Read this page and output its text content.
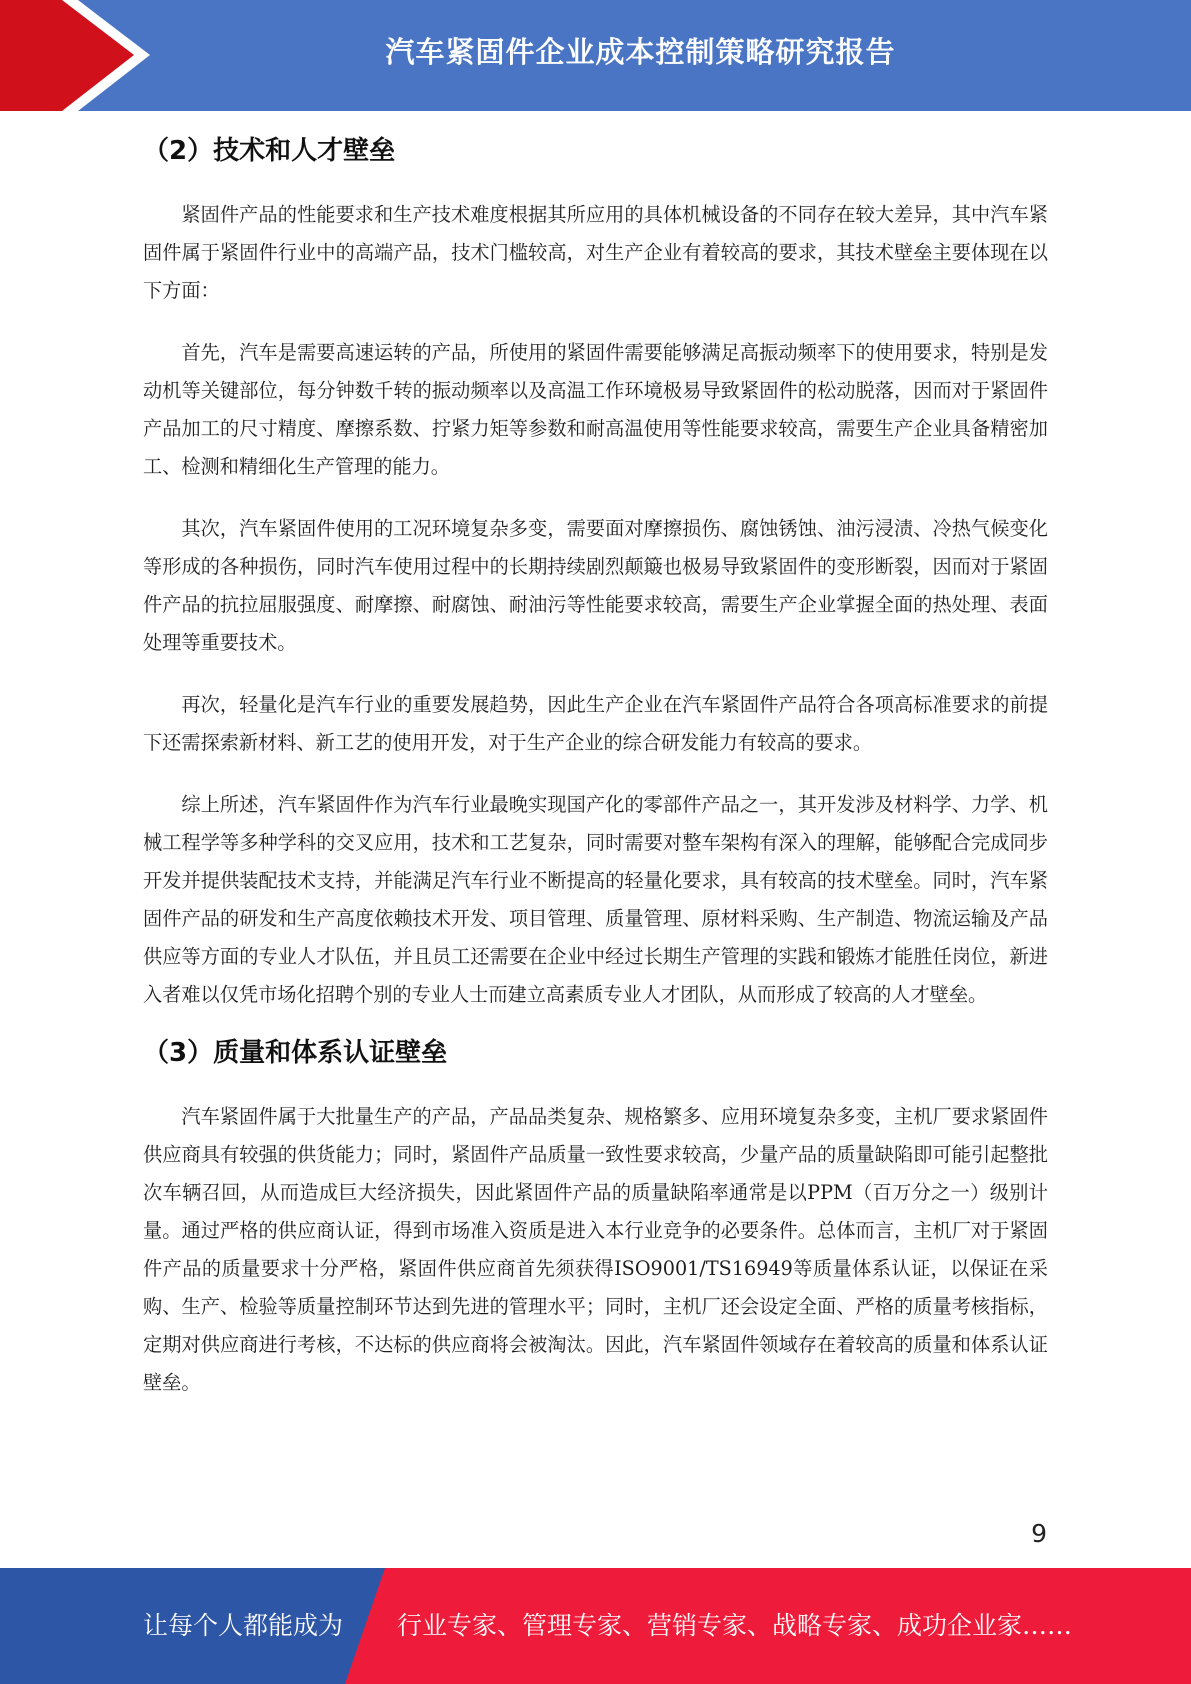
汽车紧固件企业成本控制策略研究报告
（2）技术和人才壁垒

紧固件产品的性能要求和生产技术难度根据其所应用的具体机械设备的不同存在较大差异，其中汽车紧固件属于紧固件行业中的高端产品，技术门槛较高，对生产企业有着较高的要求，其技术壁垒主要体现在以下方面：

首先，汽车是需要高速运转的产品，所使用的紧固件需要能够满足高振动频率下的使用要求，特别是发动机等关键部位，每分钟数千转的振动频率以及高温工作环境极易导致紧固件的松动脱落，因而对于紧固件产品加工的尺寸精度、摩擦系数、拧紧力矩等参数和耐高温使用等性能要求较高，需要生产企业具备精密加工、检测和精细化生产管理的能力。

其次，汽车紧固件使用的工况环境复杂多变，需要面对摩擦损伤、腐蚀锈蚀、油污浸渍、冷热气候变化等形成的各种损伤，同时汽车使用过程中的长期持续剧烈颠簸也极易导致紧固件的变形断裂，因而对于紧固件产品的抗拉屈服强度、耐摩擦、耐腐蚀、耐油污等性能要求较高，需要生产企业掌握全面的热处理、表面处理等重要技术。

再次，轻量化是汽车行业的重要发展趋势，因此生产企业在汽车紧固件产品符合各项高标准要求的前提下还需探索新材料、新工艺的使用开发，对于生产企业的综合研发能力有较高的要求。

综上所述，汽车紧固件作为汽车行业最晚实现国产化的零部件产品之一，其开发涉及材料学、力学、机械工程学等多种学科的交叉应用，技术和工艺复杂，同时需要对整车架构有深入的理解，能够配合完成同步开发并提供装配技术支持，并能满足汽车行业不断提高的轻量化要求，具有较高的技术壁垒。同时，汽车紧固件产品的研发和生产高度依赖技术开发、项目管理、质量管理、原材料采购、生产制造、物流运输及产品供应等方面的专业人才队伍，并且员工还需要在企业中经过长期生产管理的实践和锻炼才能胜任岗位，新进入者难以仅凭市场化招聘个别的专业人士而建立高素质专业人才团队，从而形成了较高的人才壁垒。

（3）质量和体系认证壁垒

汽车紧固件属于大批量生产的产品，产品品类复杂、规格繁多、应用环境复杂多变，主机厂要求紧固件供应商具有较强的供货能力；同时，紧固件产品质量一致性要求较高，少量产品的质量缺陷即可能引起整批次车辆召回，从而造成巨大经济损失，因此紧固件产品的质量缺陷率通常是以PPM（百万分之一）级别计量。通过严格的供应商认证，得到市场准入资质是进入本行业竞争的必要条件。总体而言，主机厂对于紧固件产品的质量要求十分严格，紧固件供应商首先须获得ISO9001/TS16949等质量体系认证，以保证在采购、生产、检验等质量控制环节达到先进的管理水平；同时，主机厂还会设定全面、严格的质量考核指标，定期对供应商进行考核，不达标的供应商将会被淘汰。因此，汽车紧固件领域存在着较高的质量和体系认证壁垒。

9
让每个人都能成为 行业专家、管理专家、营销专家、战略专家、成功企业家……
